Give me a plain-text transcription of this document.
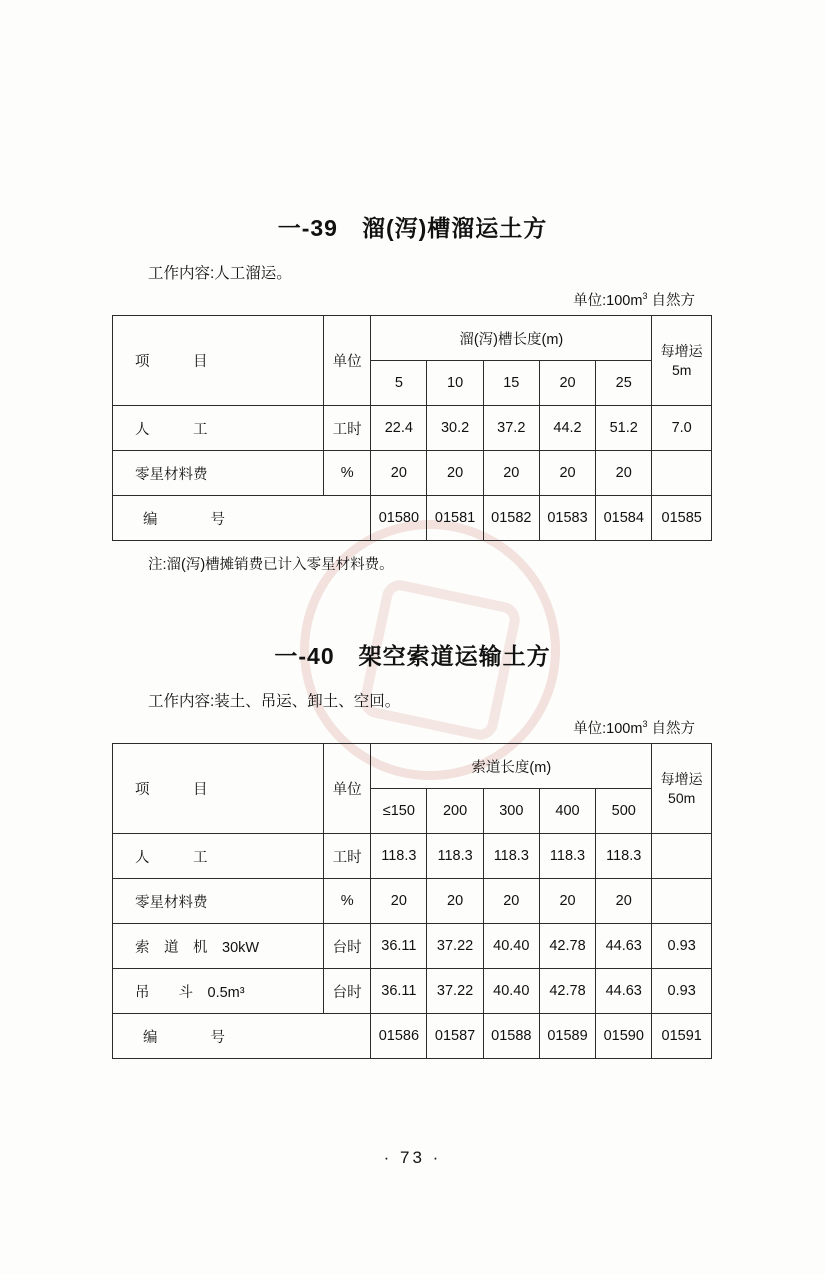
一-39　溜(泻)槽溜运土方
工作内容:人工溜运。
单位$:100m^3$ 自然方
项　　　目	单位	溜(泻)槽长度(m)					每增运
5m

		5	10	15	20	25	
人　　　工	工时	22.4	30.2	37.2	44.2	51.2	7.0
零星材料费	%	20	20	20	20	20	
编　　号		01580	01581	01582	01583	01584	01585
注:溜(泻)槽摊销费已计入零星材料费。
一-40　架空索道运输土方
工作内容:装土、吊运、卸土、空回。
单位$:100m^3$ 自然方
项　　　目	单位	索道长度(m)					每增运
50m

		≤150	200	300	400	500	
人　　　工	工时	118.3	118.3	118.3	118.3	118.3	
零星材料费	%	20	20	20	20	20	
索　道　机　30kW	台时	36.11	37.22	40.40	42.78	44.63	0.93
吊　　斗　0.5m³	台时	36.11	37.22	40.40	42.78	44.63	0.93
编　　号		01586	01587	01588	01589	01590	01591
· 73 ·
